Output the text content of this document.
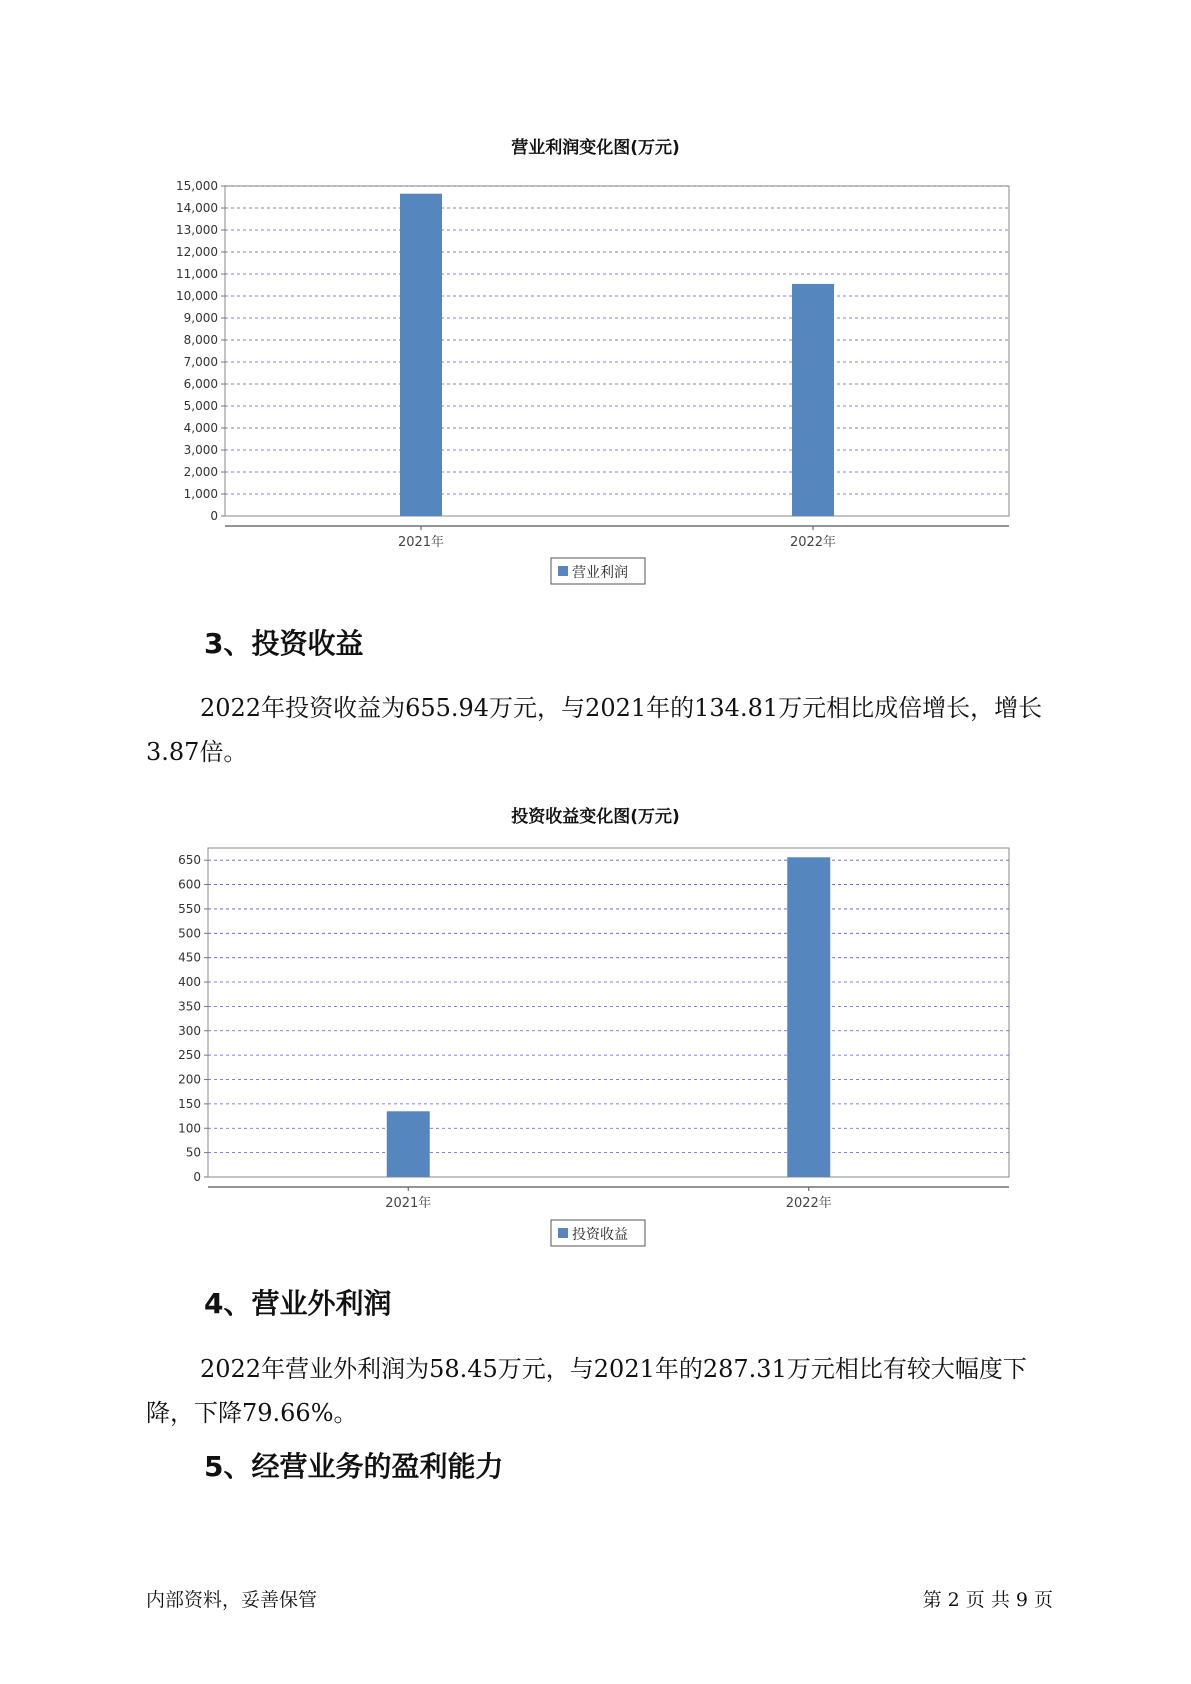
营业利润变化图(万元)
0
1,000
2,000
3,000
4,000
5,000
6,000
7,000
8,000
9,000
10,000
11,000
12,000
13,000
14,000
15,000
2021年	2022年
营业利润
3、投资收益

2022年投资收益为655.94万元，与2021年的134.81万元相比成倍增长，增长3.87倍。

投资收益变化图(万元)
0
50
100
150
200
250
300
350
400
450
500
550
600
650
2021年	2022年
投资收益
4、营业外利润

2022年营业外利润为58.45万元，与2021年的287.31万元相比有较大幅度下降，下降79.66%。

5、经营业务的盈利能力
内部资料，妥善保管	第 2 页 共 9 页
